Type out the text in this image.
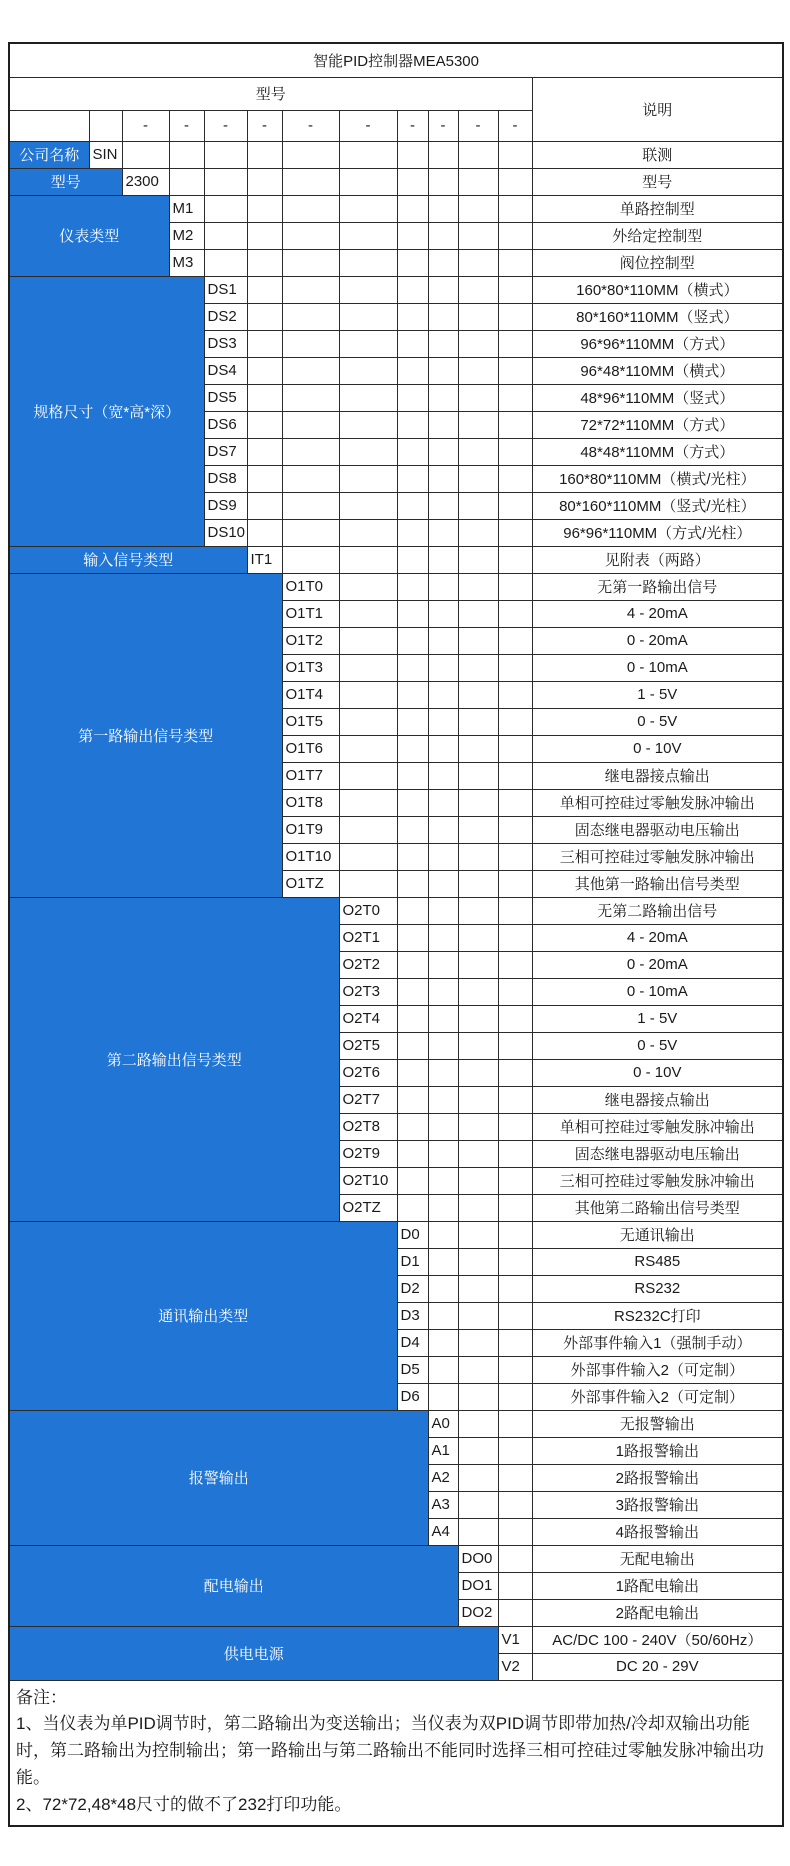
智能PID控制器MEA5300												
型号												说明
		-	-	-	-	-	-	-	-	-	-	
公司名称	SIN											联测
型号		2300										型号
仪表类型			M1									单路控制型
			M2									外给定控制型
			M3									阀位控制型
规格尺寸（宽*高*深）				DS1								160*80*110MM（横式）
				DS2								80*160*110MM（竖式）
				DS3								96*96*110MM（方式）
				DS4								96*48*110MM（横式）
				DS5								48*96*110MM（竖式）
				DS6								72*72*110MM（方式）
				DS7								48*48*110MM（方式）
				DS8								160*80*110MM（横式/光柱）
				DS9								80*160*110MM（竖式/光柱）
				DS10								96*96*110MM（方式/光柱）
输入信号类型					IT1							见附表（两路）
第一路输出信号类型						O1T0						无第一路输出信号
						O1T1						4 - 20mA
						O1T2						0 - 20mA
						O1T3						0 - 10mA
						O1T4						1 - 5V
						O1T5						0 - 5V
						O1T6						0 - 10V
						O1T7						继电器接点输出
						O1T8						单相可控硅过零触发脉冲输出
						O1T9						固态继电器驱动电压输出
						O1T10						三相可控硅过零触发脉冲输出
						O1TZ						其他第一路输出信号类型
第二路输出信号类型							O2T0					无第二路输出信号
							O2T1					4 - 20mA
							O2T2					0 - 20mA
							O2T3					0 - 10mA
							O2T4					1 - 5V
							O2T5					0 - 5V
							O2T6					0 - 10V
							O2T7					继电器接点输出
							O2T8					单相可控硅过零触发脉冲输出
							O2T9					固态继电器驱动电压输出
							O2T10					三相可控硅过零触发脉冲输出
							O2TZ					其他第二路输出信号类型
通讯输出类型								D0				无通讯输出
								D1				RS485
								D2				RS232
								D3				RS232C打印
								D4				外部事件输入1（强制手动）
								D5				外部事件输入2（可定制）
								D6				外部事件输入2（可定制）
报警输出									A0			无报警输出
									A1			1路报警输出
									A2			2路报警输出
									A3			3路报警输出
									A4			4路报警输出
配电输出										DO0		无配电输出
										DO1		1路配电输出
										DO2		2路配电输出
供电电源											V1	AC/DC 100 - 240V（50/60Hz）
											V2	DC 20 - 29V

备注：
1、当仪表为单PID调节时，第二路输出为变送输出；当仪表为双PID调节即带加热/冷却双输出功能时，第二路输出为控制输出；第一路输出与第二路输出不能同时选择三相可控硅过零触发脉冲输出功能。
2、72*72,48*48尺寸的做不了232打印功能。												
